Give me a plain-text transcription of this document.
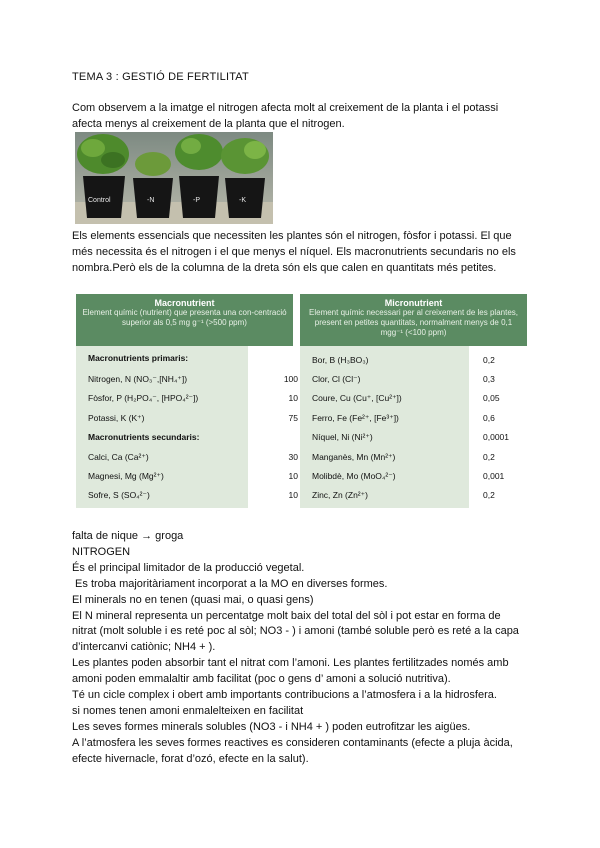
TEMA 3 : GESTIÓ DE FERTILITAT

Com observem a la imatge el nitrogen afecta molt al creixement de la planta i el potassi

afecta menys al creixement de la planta que el nitrogen.

Control	-N	-P	-K

Els elements essencials que necessiten les plantes són el nitrogen, fòsfor i potassi. El que

més necessita és el nitrogen i el que menys el níquel. Els macronutrients secundaris no els

nombra.Però els de la columna de la dreta són els que calen en quantitats més petites.

Macronutrient
Element químic (nutrient) que presenta una con-centració superior als 0,5 mg g⁻¹ (>500 ppm)
Micronutrient
Element químic necessari per al creixement de les plantes, present en petites quantitats, normalment menys de 0,1 mgg⁻¹ (<100 ppm)
Macronutrients primaris:
Nitrogen, N (NO₃⁻,[NH₄⁺])	100
Fòsfor, P (H₂PO₄⁻, [HPO₄²⁻])	10
Potassi, K (K⁺)	75
Macronutrients secundaris:
Calci, Ca (Ca²⁺)	30
Magnesi, Mg (Mg²⁺)	10
Sofre, S (SO₄²⁻)	10
Bor, B (H₃BO₃)	0,2
Clor, Cl (Cl⁻)	0,3
Coure, Cu (Cu⁺, [Cu²⁺])	0,05
Ferro, Fe (Fe²⁺, [Fe³⁺])	0,6
Níquel, Ni (Ni²⁺)	0,0001
Manganès, Mn (Mn²⁺)	0,2
Molibdè, Mo (MoO₄²⁻)	0,001
Zinc, Zn (Zn²⁺)	0,2
falta de nique → groga
NITROGEN
És el principal limitador de la producció vegetal.
Es troba majoritàriament incorporat a la MO en diverses formes.
El minerals no en tenen (quasi mai, o quasi gens)
El N mineral representa un percentatge molt baix del total del sòl i pot estar en forma de
nitrat (molt soluble i es reté poc al sòl; NO3 - ) i amoni (també soluble però es reté a la capa
d’intercanvi catiònic; NH4 + ).
Les plantes poden absorbir tant el nitrat com l’amoni. Les plantes fertilitzades només amb
amoni poden emmalaltir amb facilitat (poc o gens d’ amoni a solució nutritiva).
Té un cicle complex i obert amb importants contribucions a l’atmosfera i a la hidrosfera.
si nomes tenen amoni enmalelteixen en facilitat
Les seves formes minerals solubles (NO3 - i NH4 + ) poden eutrofitzar les aigües.
A l’atmosfera les seves formes reactives es consideren contaminants (efecte a pluja àcida,
efecte hivernacle, forat d’ozó, efecte en la salut).
